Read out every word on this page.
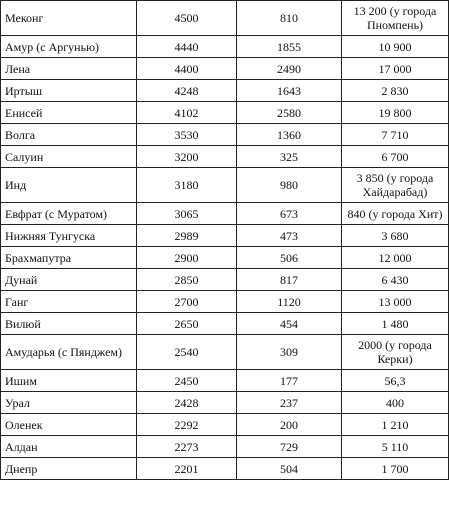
Меконг	4500	810	13 200 (у города Пномпень)
Амур (с Аргунью)	4440	1855	10 900
Лена	4400	2490	17 000
Иртыш	4248	1643	2 830
Енисей	4102	2580	19 800
Волга	3530	1360	7 710
Салуин	3200	325	6 700
Инд	3180	980	3 850 (у города Хайдарабад)
Евфрат (с Муратом)	3065	673	840 (у города Хит)
Нижняя Тунгуска	2989	473	3 680
Брахмапутра	2900	506	12 000
Дунай	2850	817	6 430
Ганг	2700	1120	13 000
Вилюй	2650	454	1 480
Амударья (с Пянджем)	2540	309	2000 (у города Керки)
Ишим	2450	177	56,3
Урал	2428	237	400
Оленек	2292	200	1 210
Алдан	2273	729	5 110
Днепр	2201	504	1 700
